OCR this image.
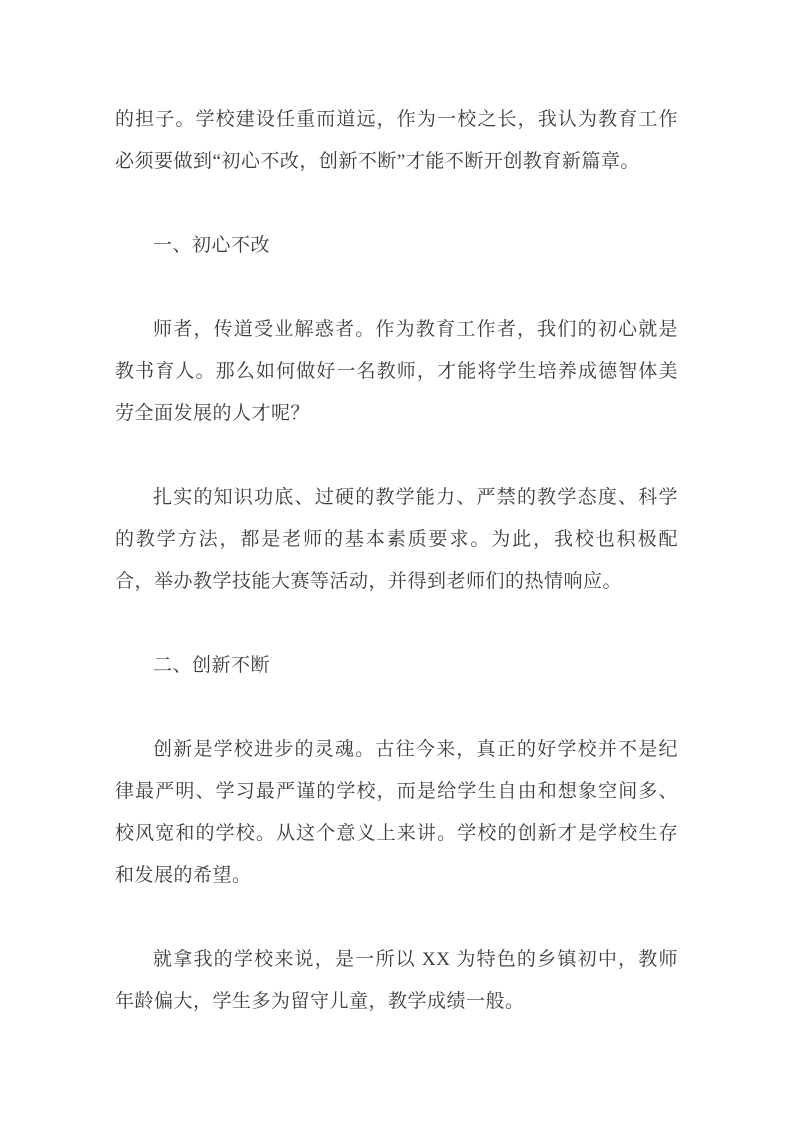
的担子。学校建设任重而道远，作为一校之长，我认为教育工作必须要做到“初心不改，创新不断”才能不断开创教育新篇章。

一、初心不改

师者，传道受业解惑者。作为教育工作者，我们的初心就是教书育人。那么如何做好一名教师，才能将学生培养成德智体美劳全面发展的人才呢？

扎实的知识功底、过硬的教学能力、严禁的教学态度、科学的教学方法，都是老师的基本素质要求。为此，我校也积极配合，举办教学技能大赛等活动，并得到老师们的热情响应。

二、创新不断

创新是学校进步的灵魂。古往今来，真正的好学校并不是纪律最严明、学习最严谨的学校，而是给学生自由和想象空间多、校风宽和的学校。从这个意义上来讲。学校的创新才是学校生存和发展的希望。

就拿我的学校来说，是一所以 XX 为特色的乡镇初中，教师年龄偏大，学生多为留守儿童，教学成绩一般。
